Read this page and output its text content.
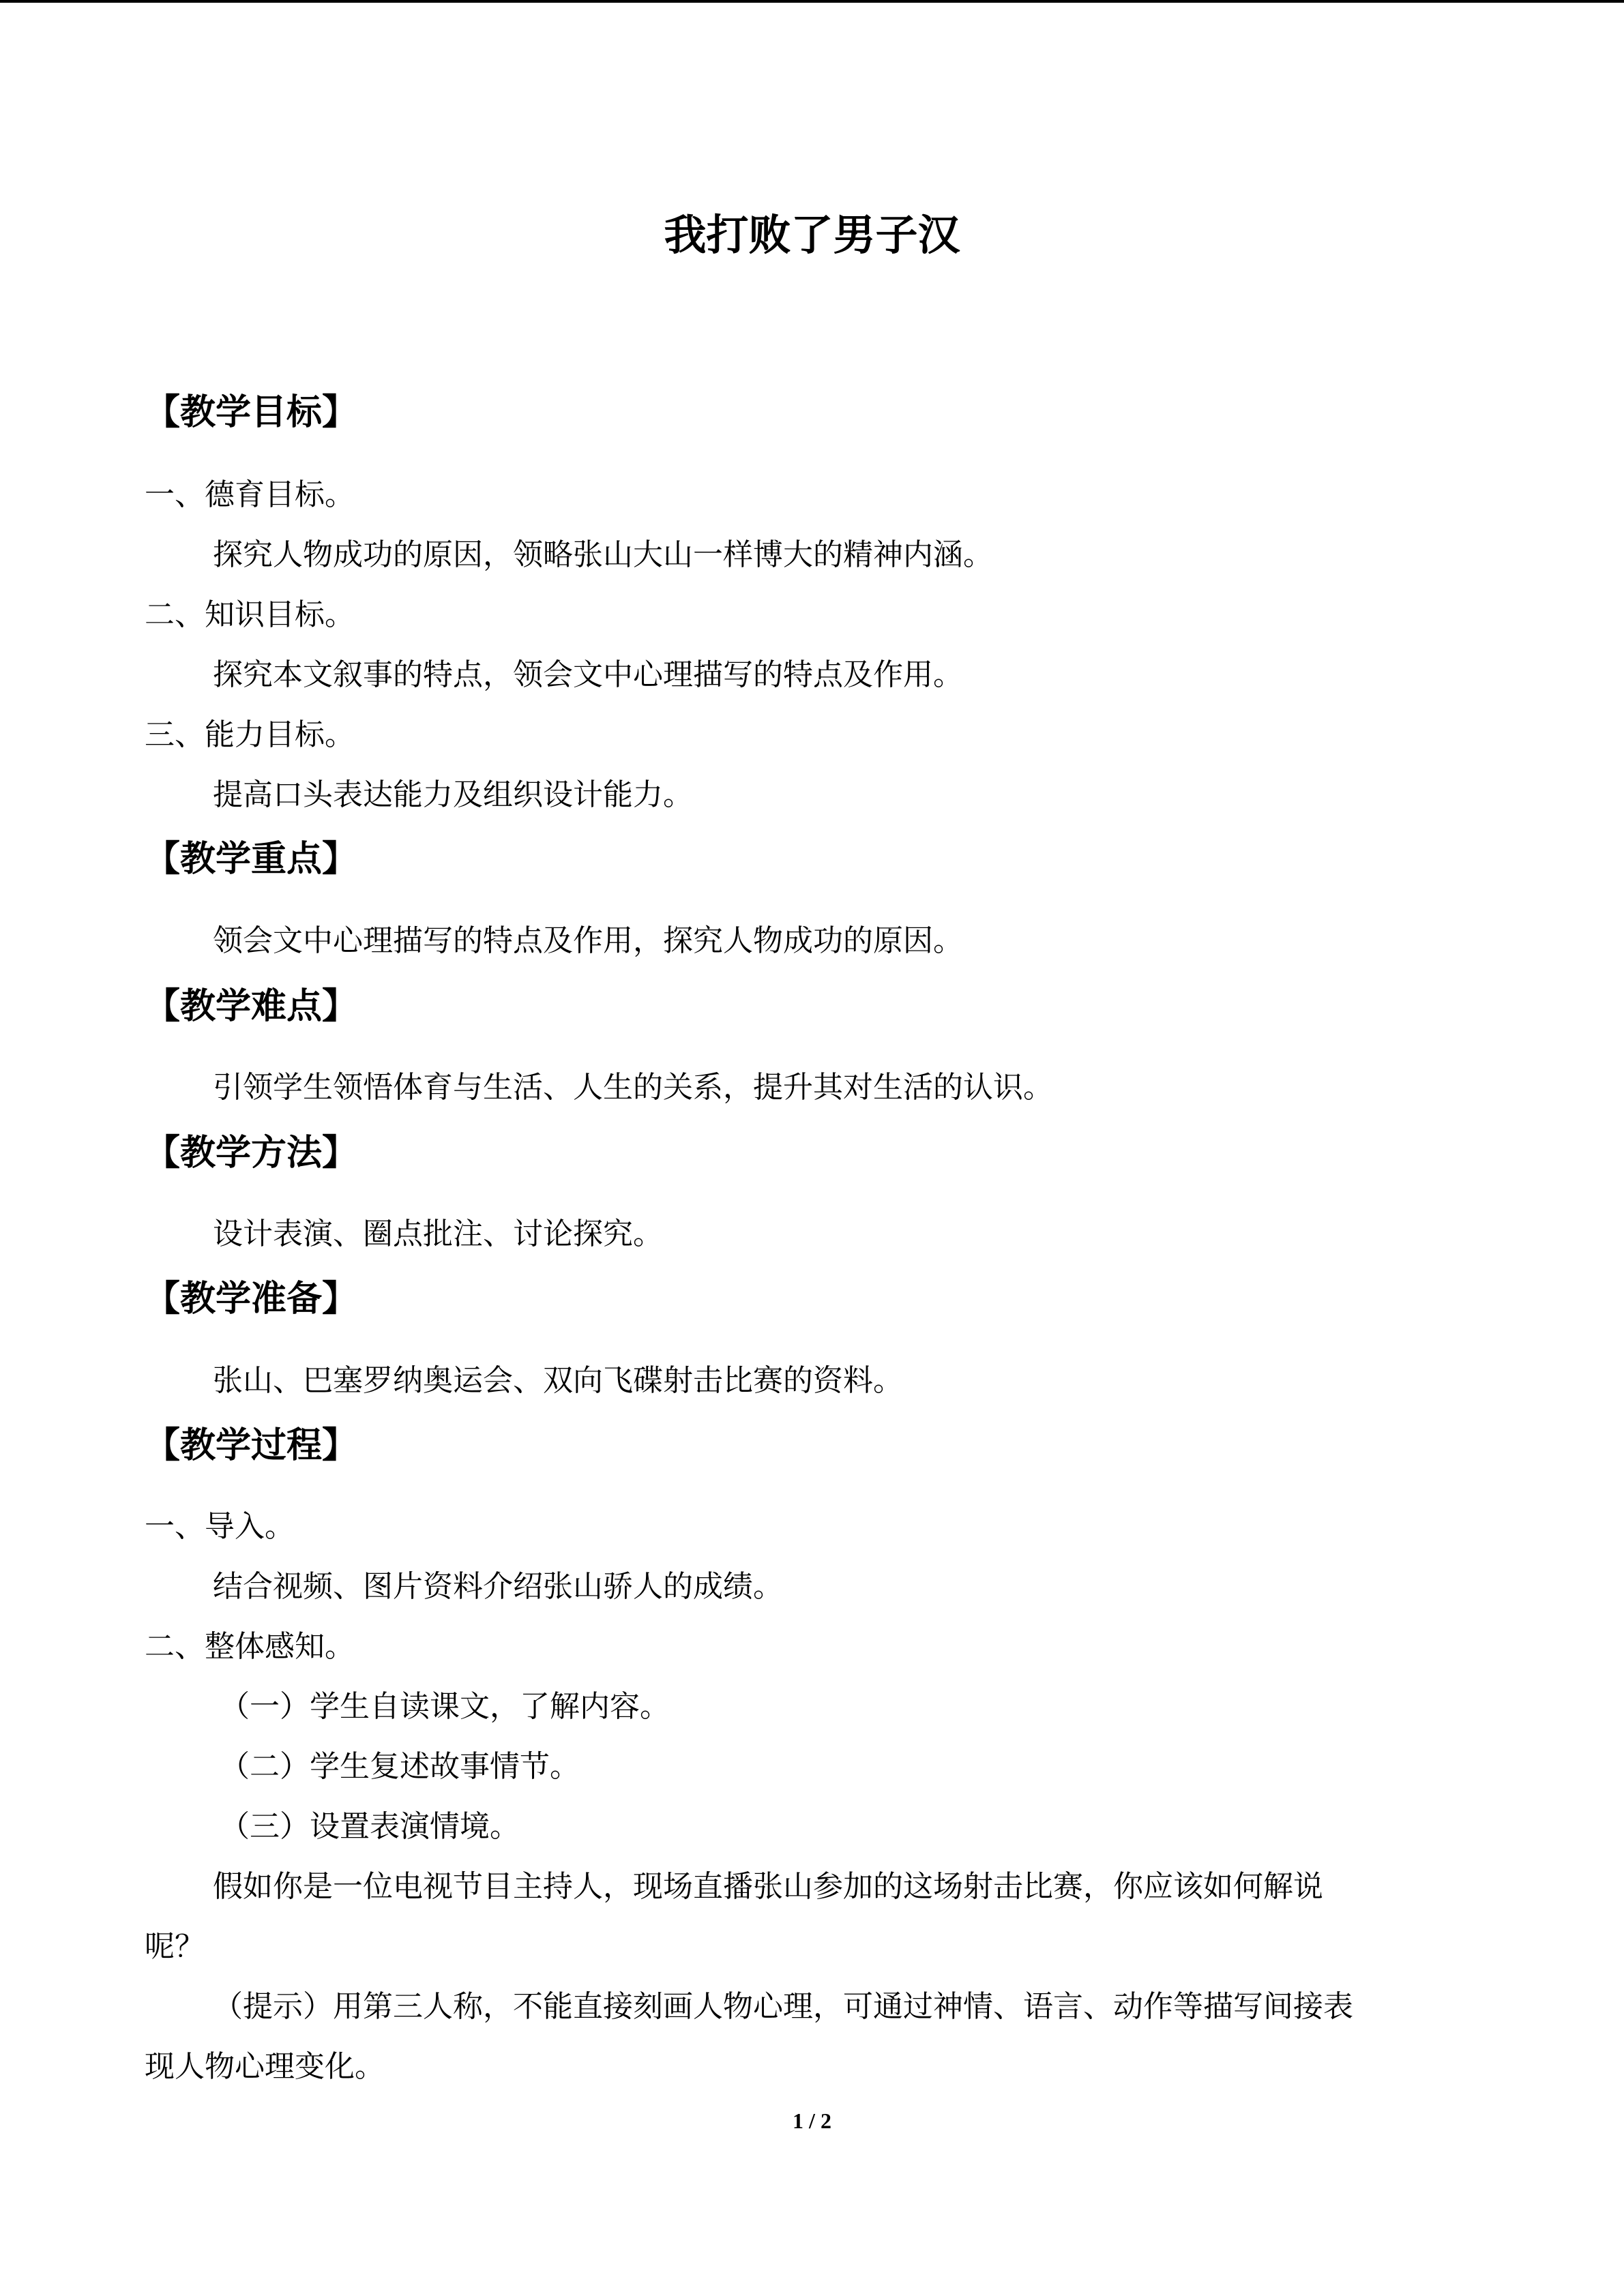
我打败了男子汉
【教学目标】
一、德育目标。
探究人物成功的原因，领略张山大山一样博大的精神内涵。
二、知识目标。
探究本文叙事的特点，领会文中心理描写的特点及作用。
三、能力目标。
提高口头表达能力及组织设计能力。
【教学重点】
领会文中心理描写的特点及作用，探究人物成功的原因。
【教学难点】
引领学生领悟体育与生活、人生的关系，提升其对生活的认识。
【教学方法】
设计表演、圈点批注、讨论探究。
【教学准备】
张山、巴塞罗纳奥运会、双向飞碟射击比赛的资料。
【教学过程】
一、导入。
结合视频、图片资料介绍张山骄人的成绩。
二、整体感知。
（一）学生自读课文，了解内容。
（二）学生复述故事情节。
（三）设置表演情境。
假如你是一位电视节目主持人，现场直播张山参加的这场射击比赛，你应该如何解说
呢？
（提示）用第三人称，不能直接刻画人物心理，可通过神情、语言、动作等描写间接表
现人物心理变化。
1 / 2
